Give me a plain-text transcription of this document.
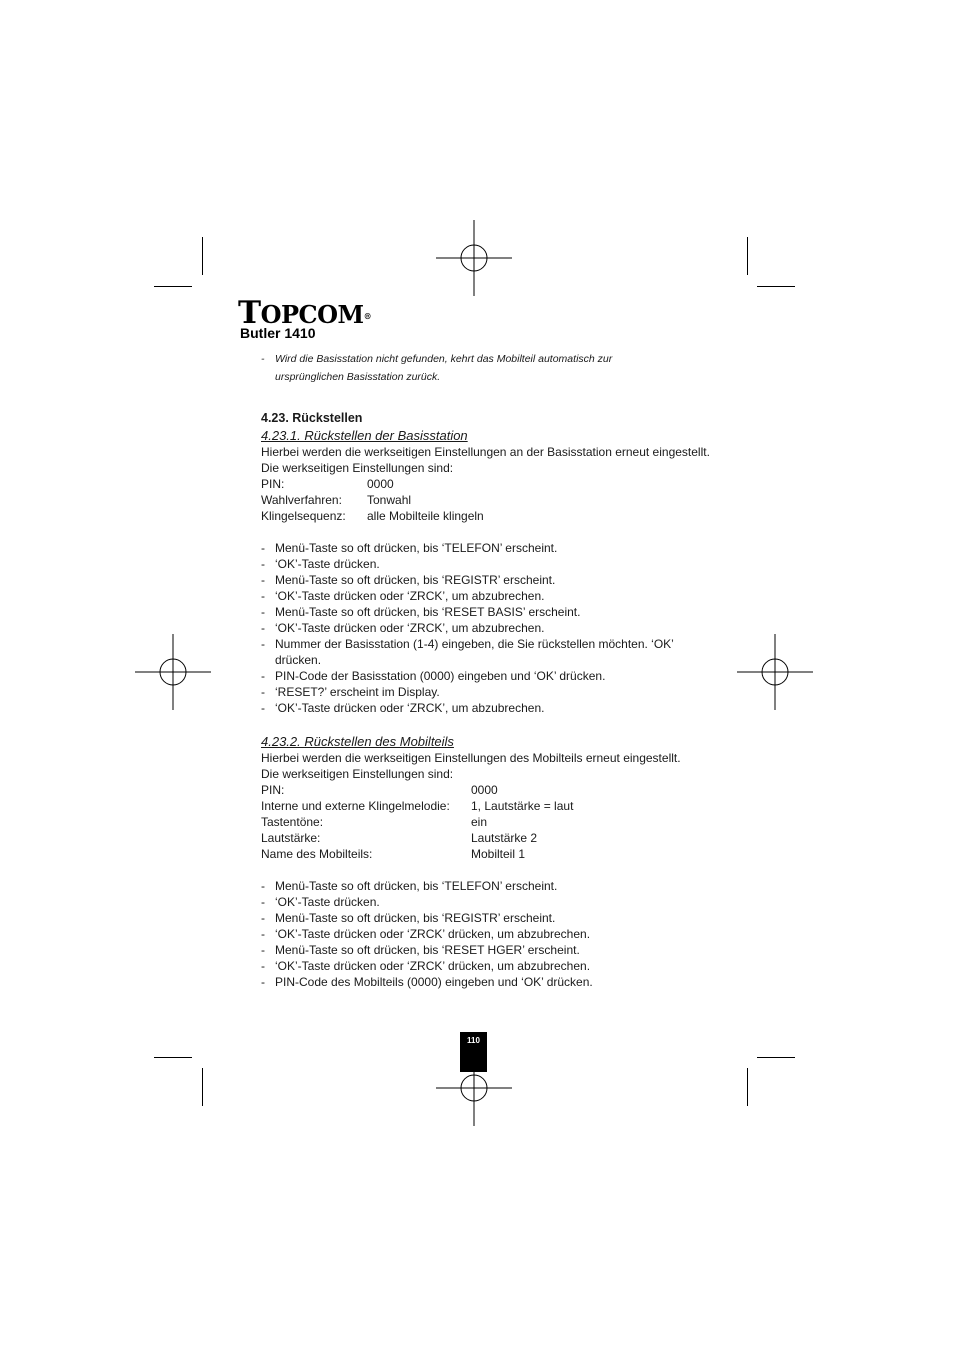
TOPCOM®
Butler 1410
- Wird die Basisstation nicht gefunden, kehrt das Mobilteil automatisch zur
ursprünglichen Basisstation zurück.
4.23. Rückstellen
4.23.1. Rückstellen der Basisstation

Hierbei werden die werkseitigen Einstellungen an der Basisstation erneut eingestellt.

Die werkseitigen Einstellungen sind:

PIN:	0000
Wahlverfahren:	Tonwahl
Klingelsequenz:	alle Mobilteile klingeln
- Menü-Taste so oft drücken, bis ‘TELEFON’ erscheint.
- ‘OK’-Taste drücken.
- Menü-Taste so oft drücken, bis ‘REGISTR’ erscheint.
- ‘OK’-Taste drücken oder ‘ZRCK’, um abzubrechen.
- Menü-Taste so oft drücken, bis ‘RESET BASIS’ erscheint.
- ‘OK’-Taste drücken oder ‘ZRCK’, um abzubrechen.
- Nummer der Basisstation (1-4) eingeben, die Sie rückstellen möchten. ‘OK’ drücken.
- PIN-Code der Basisstation (0000) eingeben und ‘OK’ drücken.
- ‘RESET?’ erscheint im Display.
- ‘OK’-Taste drücken oder ‘ZRCK’, um abzubrechen.
4.23.2. Rückstellen des Mobilteils

Hierbei werden die werkseitigen Einstellungen des Mobilteils erneut eingestellt.

Die werkseitigen Einstellungen sind:

PIN:	0000
Interne und externe Klingelmelodie:	1, Lautstärke = laut
Tastentöne:	ein
Lautstärke:	Lautstärke 2
Name des Mobilteils:	Mobilteil 1
- Menü-Taste so oft drücken, bis ‘TELEFON’ erscheint.
- ‘OK’-Taste drücken.
- Menü-Taste so oft drücken, bis ‘REGISTR’ erscheint.
- ‘OK’-Taste drücken oder ‘ZRCK’ drücken, um abzubrechen.
- Menü-Taste so oft drücken, bis ‘RESET HGER’ erscheint.
- ‘OK’-Taste drücken oder ‘ZRCK’ drücken, um abzubrechen.
- PIN-Code des Mobilteils (0000) eingeben und ‘OK’ drücken.
110
